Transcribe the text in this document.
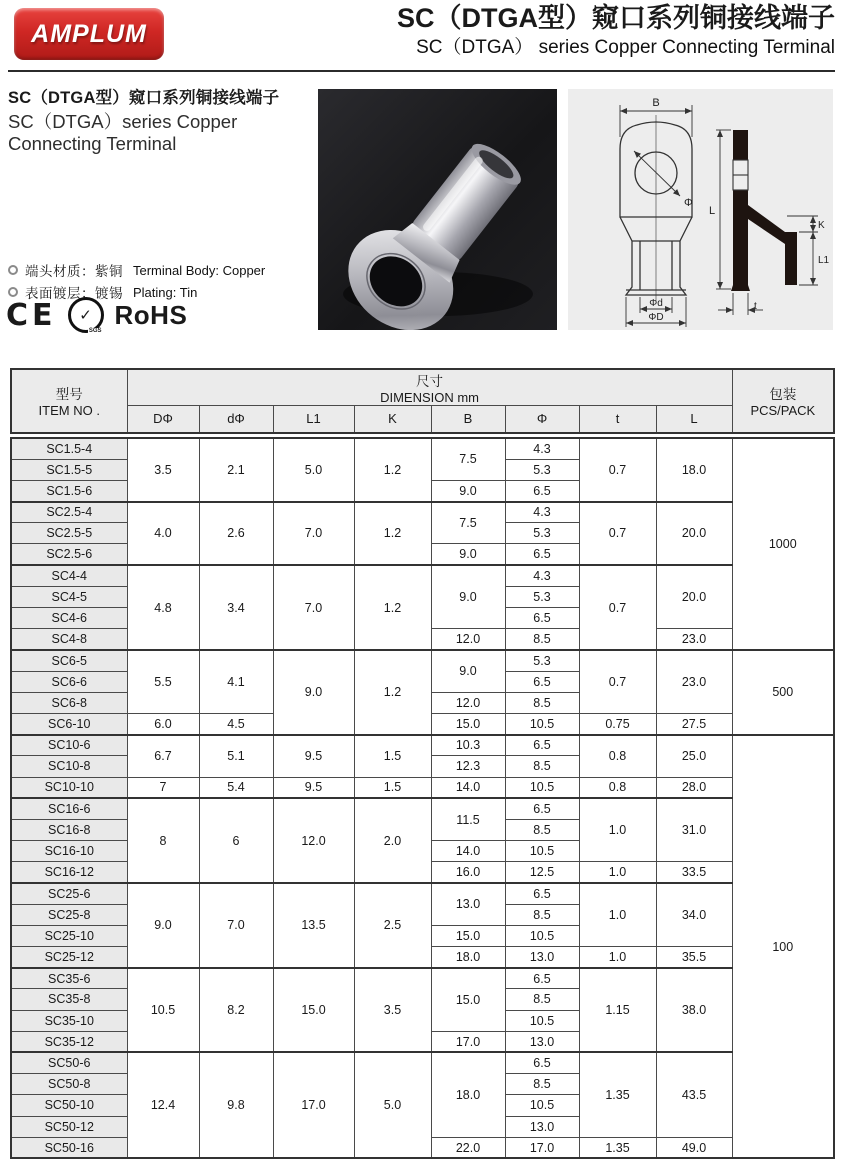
AMPLUM
SC（DTGA型）窥口系列铜接线端子
SC（DTGA） series Copper Connecting Terminal
SC（DTGA型）窥口系列铜接线端子
SC（DTGA）series Copper
Connecting Terminal
端头材质：紫铜 Terminal Body: Copper
表面镀层：镀锡 Plating: Tin
CE	✓
SGS
RoHS
B
Φ
Φd
ΦD
L
K
L1
t
型号
ITEM NO .

尺寸
DIMENSION mm	包装
PCS/PACK

	DΦ	dΦ	L1	K	B	Φ	t	L	
SC1.5-4	3.5	2.1	5.0	1.2	7.5	4.3	0.7	18.0	1000
SC1.5-5						5.3			
SC1.5-6					9.0	6.5			
SC2.5-4	4.0	2.6	7.0	1.2	7.5	4.3	0.7	20.0	
SC2.5-5						5.3			
SC2.5-6					9.0	6.5			
SC4-4	4.8	3.4	7.0	1.2	9.0	4.3	0.7	20.0	
SC4-5						5.3			
SC4-6						6.5			
SC4-8					12.0	8.5		23.0	
SC6-5	5.5	4.1	9.0	1.2	9.0	5.3	0.7	23.0	500
SC6-6						6.5			
SC6-8					12.0	8.5			
SC6-10	6.0	4.5			15.0	10.5	0.75	27.5	
SC10-6	6.7	5.1	9.5	1.5	10.3	6.5	0.8	25.0	100
SC10-8					12.3	8.5			
SC10-10	7	5.4	9.5	1.5	14.0	10.5	0.8	28.0	
SC16-6	8	6	12.0	2.0	11.5	6.5	1.0	31.0	
SC16-8						8.5			
SC16-10					14.0	10.5			
SC16-12					16.0	12.5	1.0	33.5	
SC25-6	9.0	7.0	13.5	2.5	13.0	6.5	1.0	34.0	
SC25-8						8.5			
SC25-10					15.0	10.5			
SC25-12					18.0	13.0	1.0	35.5	
SC35-6	10.5	8.2	15.0	3.5	15.0	6.5	1.15	38.0	
SC35-8						8.5			
SC35-10						10.5			
SC35-12					17.0	13.0			
SC50-6	12.4	9.8	17.0	5.0	18.0	6.5	1.35	43.5	
SC50-8						8.5			
SC50-10						10.5			
SC50-12						13.0			
SC50-16					22.0	17.0	1.35	49.0	
